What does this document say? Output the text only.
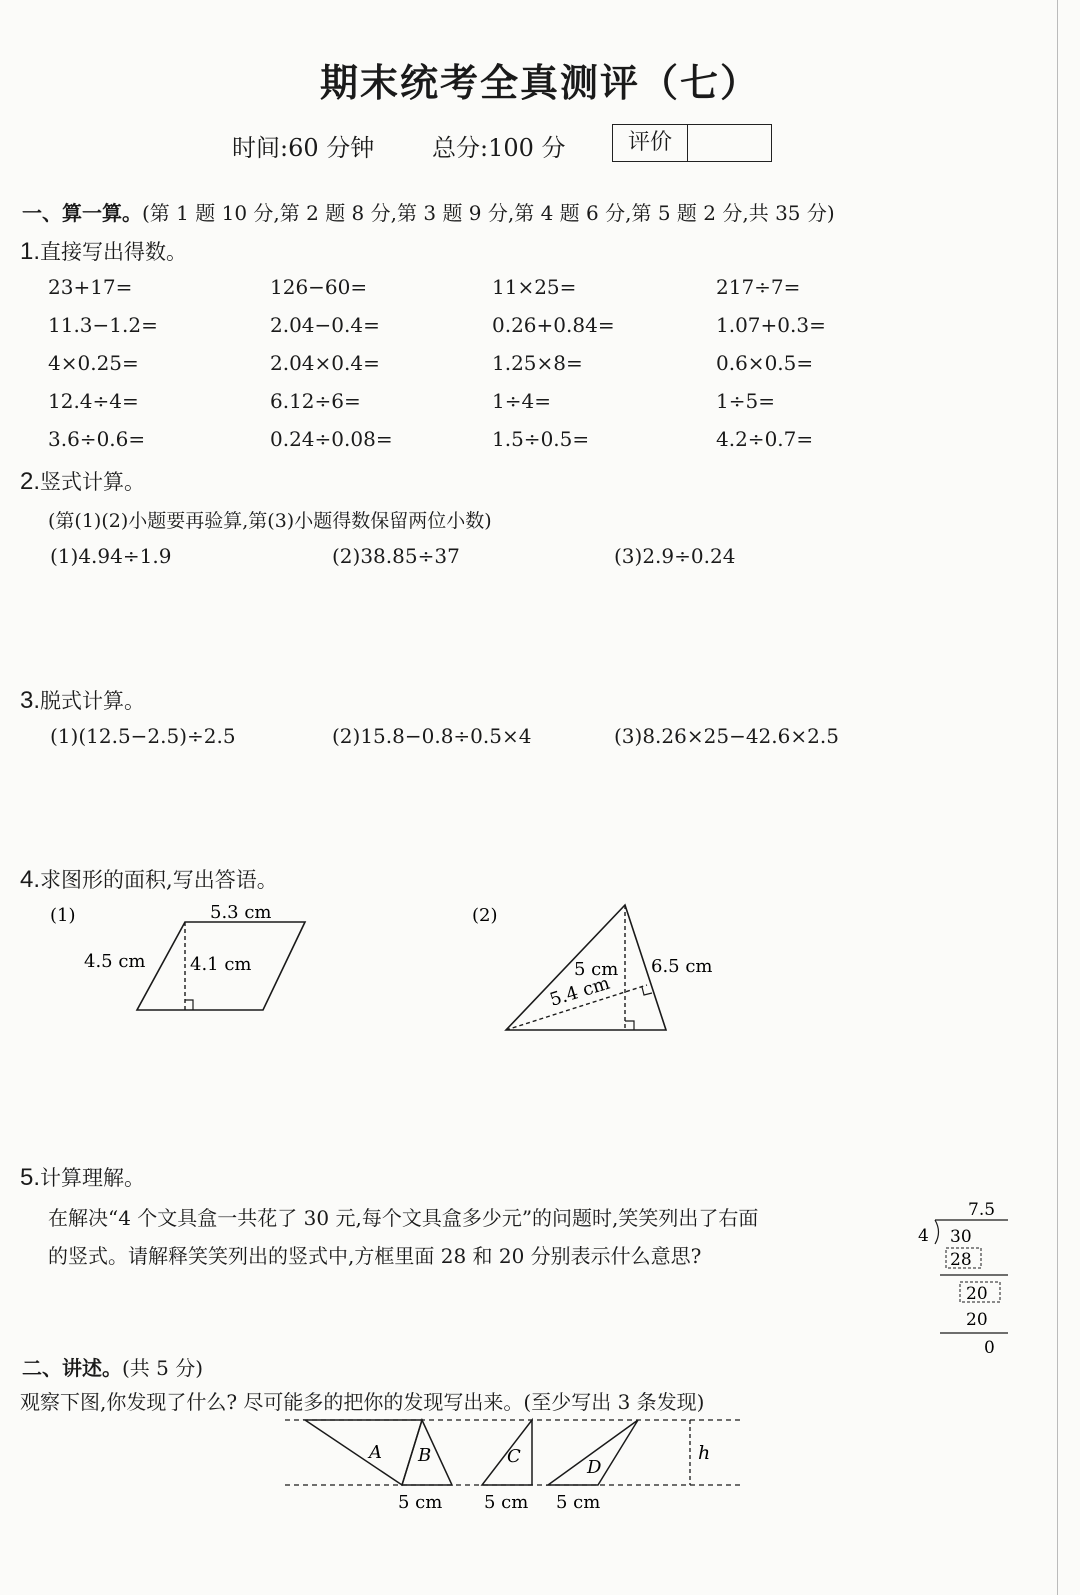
期末统考全真测评（七）
时间:60 分钟 总分:100 分	评价
一、算一算。(第 1 题 10 分,第 2 题 8 分,第 3 题 9 分,第 4 题 6 分,第 5 题 2 分,共 35 分)
1.直接写出得数。
23+17=	126−60=	11×25=	217÷7=
11.3−1.2=	2.04−0.4=	0.26+0.84=	1.07+0.3=
4×0.25=	2.04×0.4=	1.25×8=	0.6×0.5=
12.4÷4=	6.12÷6=	1÷4=	1÷5=
3.6÷0.6=	0.24÷0.08=	1.5÷0.5=	4.2÷0.7=
2.竖式计算。
(第(1)(2)小题要再验算,第(3)小题得数保留两位小数)
(1)4.94÷1.9	(2)38.85÷37	(3)2.9÷0.24
3.脱式计算。
(1)(12.5−2.5)÷2.5	(2)15.8−0.8÷0.5×4	(3)8.26×25−42.6×2.5
4.求图形的面积,写出答语。
(1)	5.3 cm
4.5 cm 4.1 cm
(2)
5 cm 6.5 cm
5.4 cm
7.5
4 30
28
20
20
0
A B	C
D
h
5 cm 5 cm 5 cm
5.计算理解。
在解决“4 个文具盒一共花了 30 元,每个文具盒多少元”的问题时,笑笑列出了右面
的竖式。请解释笑笑列出的竖式中,方框里面 28 和 20 分别表示什么意思?
二、讲述。(共 5 分)
观察下图,你发现了什么? 尽可能多的把你的发现写出来。(至少写出 3 条发现)
